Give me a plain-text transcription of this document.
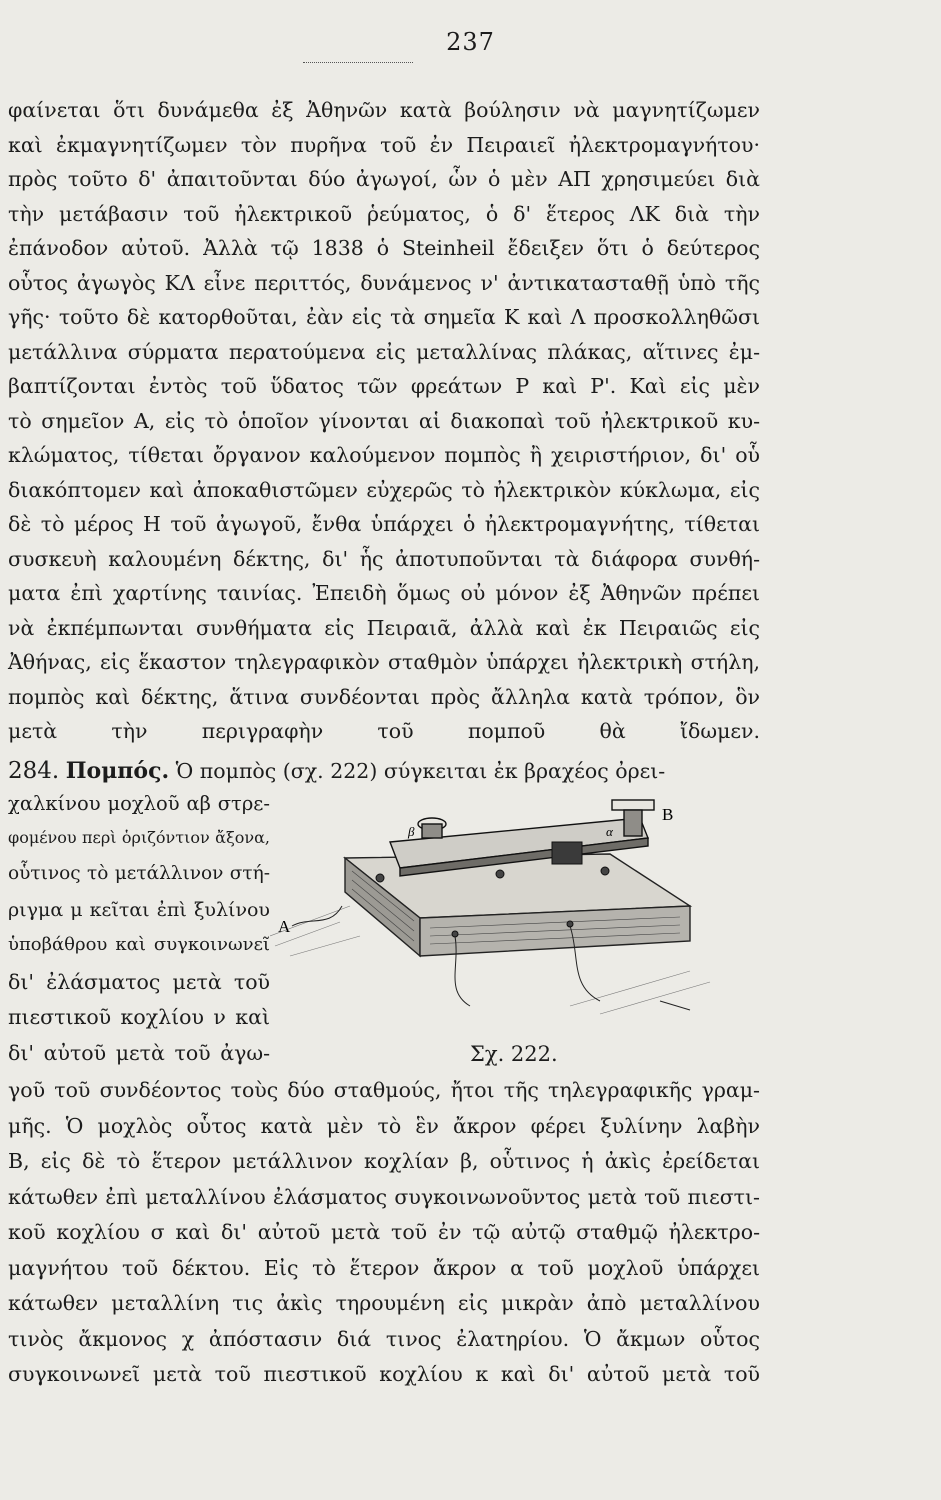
237
φαίνεται ὅτι δυνάμεθα ἐξ Ἀθηνῶν κατὰ βούλησιν νὰ μαγνητίζωμεν
καὶ ἐκμαγνητίζωμεν τὸν πυρῆνα τοῦ ἐν Πειραιεῖ ἠλεκτρομαγνήτου·
πρὸς τοῦτο δ' ἀπαιτοῦνται δύο ἀγωγοί, ὧν ὁ μὲν ΑΠ χρησιμεύει διὰ
τὴν μετάβασιν τοῦ ἠλεκτρικοῦ ῥεύματος, ὁ δ' ἕτερος ΛΚ διὰ τὴν
ἐπάνοδον αὐτοῦ. Ἀλλὰ τῷ 1838 ὁ Steinheil ἔδειξεν ὅτι ὁ δεύτερος
οὗτος ἀγωγὸς ΚΛ εἶνε περιττός, δυνάμενος ν' ἀντικατασταθῇ ὑπὸ τῆς
γῆς· τοῦτο δὲ κατορθοῦται, ἐὰν εἰς τὰ σημεῖα Κ καὶ Λ προσκολληθῶσι
μετάλλινα σύρματα περατούμενα εἰς μεταλλίνας πλάκας, αἵτινες ἐμ-
βαπτίζονται ἐντὸς τοῦ ὕδατος τῶν φρεάτων Ρ καὶ Ρ'. Καὶ εἰς μὲν
τὸ σημεῖον Α, εἰς τὸ ὁποῖον γίνονται αἱ διακοπαὶ τοῦ ἠλεκτρικοῦ κυ-
κλώματος, τίθεται ὄργανον καλούμενον πομπὸς ἢ χειριστήριον, δι' οὗ
διακόπτομεν καὶ ἀποκαθιστῶμεν εὐχερῶς τὸ ἠλεκτρικὸν κύκλωμα, εἰς
δὲ τὸ μέρος Η τοῦ ἀγωγοῦ, ἔνθα ὑπάρχει ὁ ἠλεκτρομαγνήτης, τίθεται
συσκευὴ καλουμένη δέκτης, δι' ἧς ἀποτυποῦνται τὰ διάφορα συνθή-
ματα ἐπὶ χαρτίνης ταινίας. Ἐπειδὴ ὅμως οὐ μόνον ἐξ Ἀθηνῶν πρέπει
νὰ ἐκπέμπωνται συνθήματα εἰς Πειραιᾶ, ἀλλὰ καὶ ἐκ Πειραιῶς εἰς
Ἀθήνας, εἰς ἕκαστον τηλεγραφικὸν σταθμὸν ὑπάρχει ἠλεκτρικὴ στήλη,
πομπὸς καὶ δέκτης, ἅτινα συνδέονται πρὸς ἄλληλα κατὰ τρόπον, ὃν
μετὰ τὴν περιγραφὴν τοῦ πομποῦ θὰ ἴδωμεν.
284. Πομπός. Ὁ πομπὸς (σχ. 222) σύγκειται ἐκ βραχέος ὀρει-
χαλκίνου μοχλοῦ αβ στρε-
φομένου περὶ ὁριζόντιον ἄξονα,
οὗτινος τὸ μετάλλινον στή-
ριγμα μ κεῖται ἐπὶ ξυλίνου
ὑποβάθρου καὶ συγκοινωνεῖ
δι' ἐλάσματος μετὰ τοῦ
πιεστικοῦ κοχλίου ν καὶ
δι' αὐτοῦ μετὰ τοῦ ἀγω-
Β
Α
β	α
Σχ. 222.
γοῦ τοῦ συνδέοντος τοὺς δύο σταθμούς, ἤτοι τῆς τηλεγραφικῆς γραμ-
μῆς. Ὁ μοχλὸς οὗτος κατὰ μὲν τὸ ἓν ἄκρον φέρει ξυλίνην λαβὴν
Β, εἰς δὲ τὸ ἕτερον μετάλλινον κοχλίαν β, οὗτινος ἡ ἀκὶς ἐρείδεται
κάτωθεν ἐπὶ μεταλλίνου ἐλάσματος συγκοινωνοῦντος μετὰ τοῦ πιεστι-
κοῦ κοχλίου σ καὶ δι' αὐτοῦ μετὰ τοῦ ἐν τῷ αὐτῷ σταθμῷ ἠλεκτρο-
μαγνήτου τοῦ δέκτου. Εἰς τὸ ἕτερον ἄκρον α τοῦ μοχλοῦ ὑπάρχει
κάτωθεν μεταλλίνη τις ἀκὶς τηρουμένη εἰς μικρὰν ἀπὸ μεταλλίνου
τινὸς ἄκμονος χ ἀπόστασιν διά τινος ἐλατηρίου. Ὁ ἄκμων οὗτος
συγκοινωνεῖ μετὰ τοῦ πιεστικοῦ κοχλίου κ καὶ δι' αὐτοῦ μετὰ τοῦ
